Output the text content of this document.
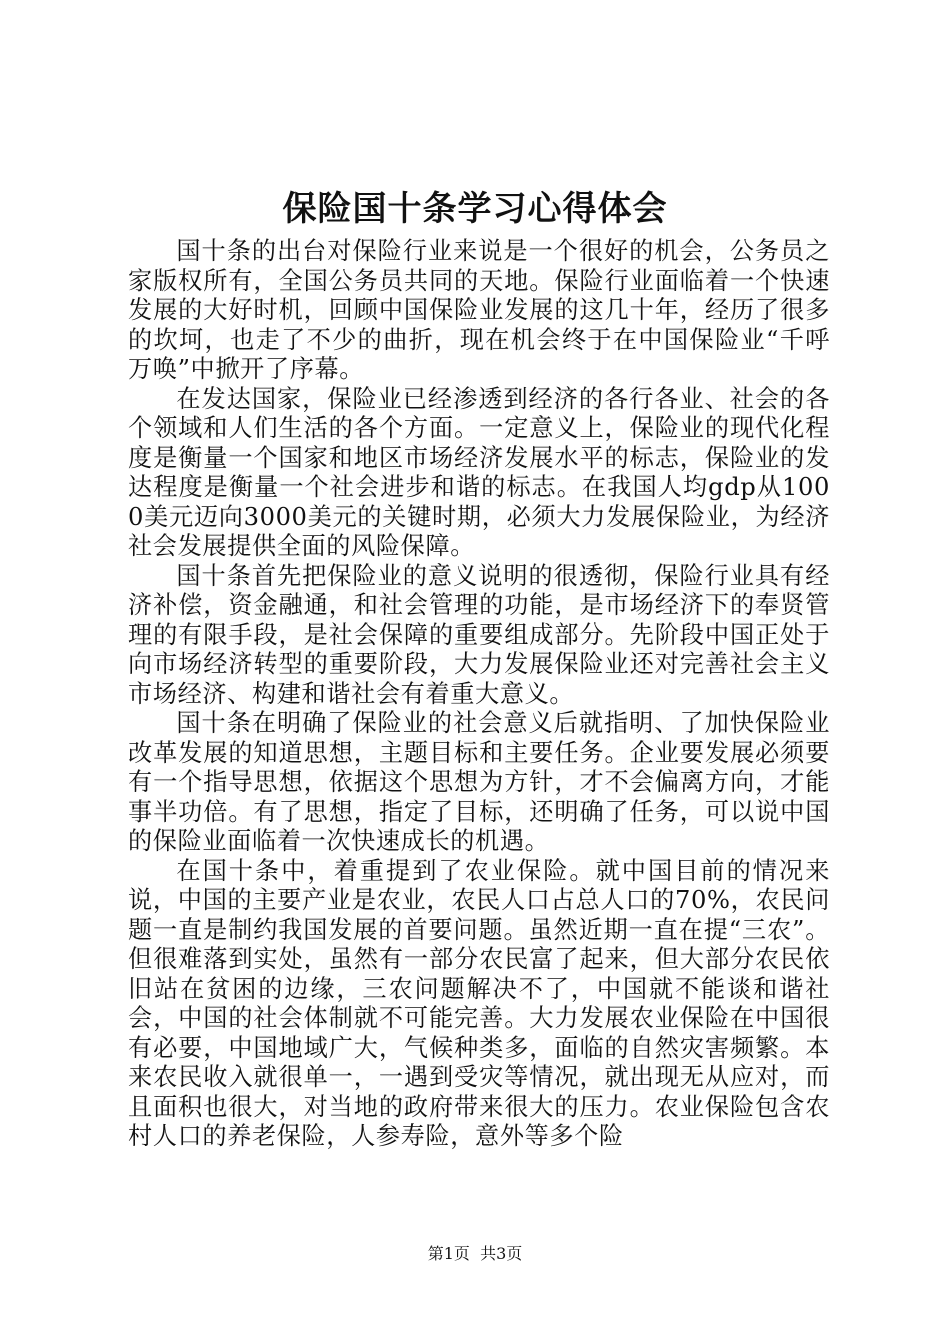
保险国十条学习心得体会

国十条的出台对保险行业来说是一个很好的机会，公务员之家版权所有，全国公务员共同的天地。保险行业面临着一个快速发展的大好时机，回顾中国保险业发展的这几十年，经历了很多的坎坷，也走了不少的曲折，现在机会终于在中国保险业“千呼万唤”中掀开了序幕。

在发达国家，保险业已经渗透到经济的各行各业、社会的各个领域和人们生活的各个方面。一定意义上，保险业的现代化程度是衡量一个国家和地区市场经济发展水平的标志，保险业的发达程度是衡量一个社会进步和谐的标志。在我国人均gdp从1000美元迈向3000美元的关键时期，必须大力发展保险业，为经济社会发展提供全面的风险保障。

国十条首先把保险业的意义说明的很透彻，保险行业具有经济补偿，资金融通，和社会管理的功能，是市场经济下的奉贤管理的有限手段，是社会保障的重要组成部分。先阶段中国正处于向市场经济转型的重要阶段，大力发展保险业还对完善社会主义市场经济、构建和谐社会有着重大意义。

国十条在明确了保险业的社会意义后就指明、了加快保险业改革发展的知道思想，主题目标和主要任务。企业要发展必须要有一个指导思想，依据这个思想为方针，才不会偏离方向，才能事半功倍。有了思想，指定了目标，还明确了任务，可以说中国的保险业面临着一次快速成长的机遇。

在国十条中，着重提到了农业保险。就中国目前的情况来说，中国的主要产业是农业，农民人口占总人口的70%，农民问题一直是制约我国发展的首要问题。虽然近期一直在提“三农”。但很难落到实处，虽然有一部分农民富了起来，但大部分农民依旧站在贫困的边缘，三农问题解决不了，中国就不能谈和谐社会，中国的社会体制就不可能完善。大力发展农业保险在中国很有必要，中国地域广大，气候种类多，面临的自然灾害频繁。本来农民收入就很单一，一遇到受灾等情况，就出现无从应对，而且面积也很大，对当地的政府带来很大的压力。农业保险包含农村人口的养老保险，人参寿险，意外等多个险

第1页 共3页
